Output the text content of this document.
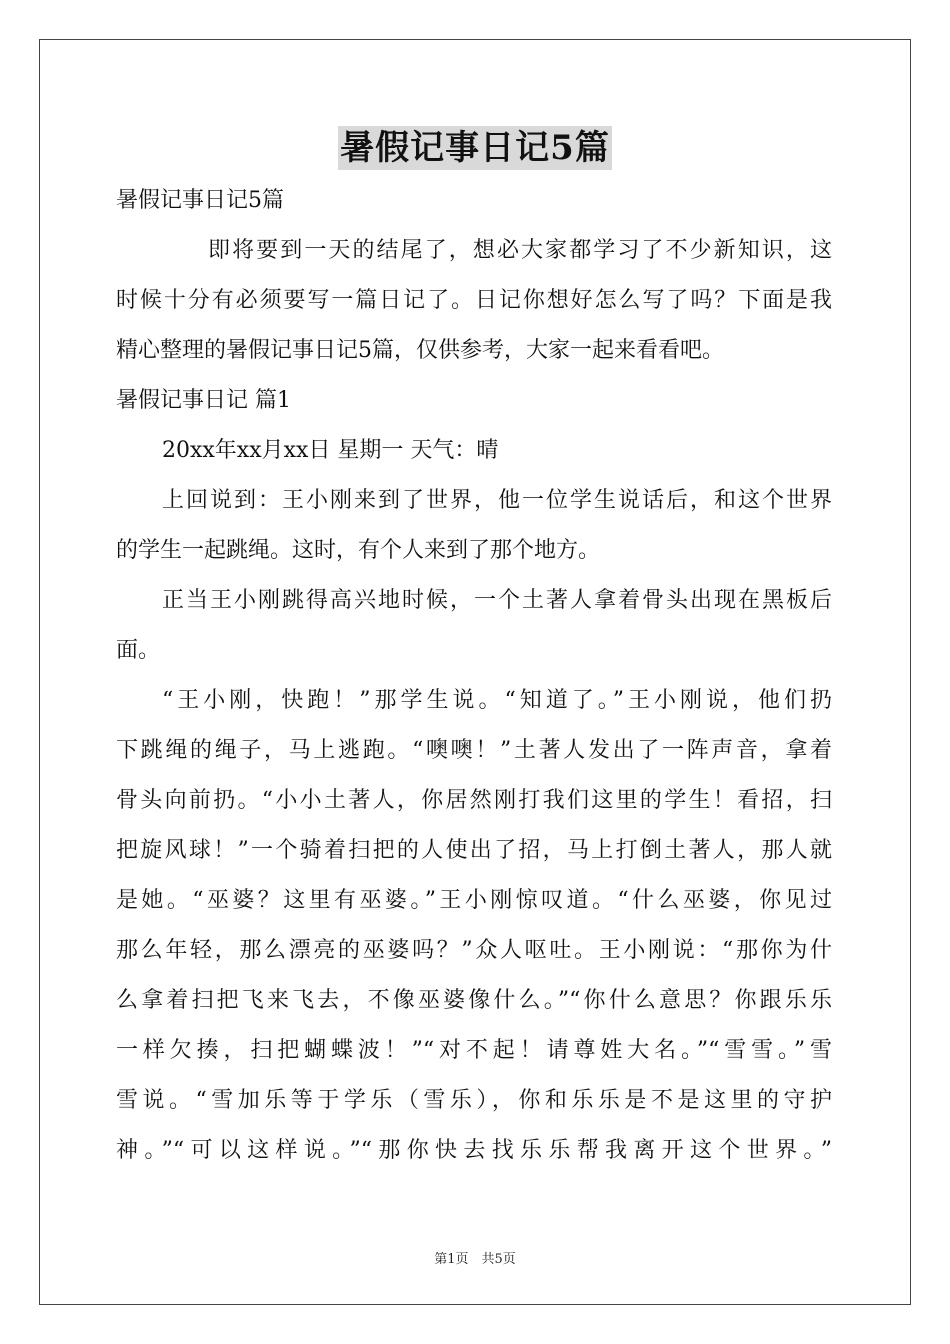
暑假记事日记5篇
暑假记事日记5篇
即将要到一天的结尾了，想必大家都学习了不少新知识，这
时候十分有必须要写一篇日记了。日记你想好怎么写了吗？下面是我
精心整理的暑假记事日记5篇，仅供参考，大家一起来看看吧。
暑假记事日记 篇1
20xx年xx月xx日 星期一 天气：晴
上回说到：王小刚来到了世界，他一位学生说话后，和这个世界
的学生一起跳绳。这时，有个人来到了那个地方。
正当王小刚跳得高兴地时候，一个土著人拿着骨头出现在黑板后
面。
“王小刚，快跑！”那学生说。“知道了。”王小刚说，他们扔
下跳绳的绳子，马上逃跑。“噢噢！”土著人发出了一阵声音，拿着
骨头向前扔。“小小土著人，你居然刚打我们这里的学生！看招，扫
把旋风球！”一个骑着扫把的人使出了招，马上打倒土著人，那人就
是她。“巫婆？这里有巫婆。”王小刚惊叹道。“什么巫婆，你见过
那么年轻，那么漂亮的巫婆吗？”众人呕吐。王小刚说：“那你为什
么拿着扫把飞来飞去，不像巫婆像什么。”“你什么意思？你跟乐乐
一样欠揍，扫把蝴蝶波！”“对不起！请尊姓大名。”“雪雪。”雪
雪说。“雪加乐等于学乐（雪乐），你和乐乐是不是这里的守护
神。”“可以这样说。”“那你快去找乐乐帮我离开这个世界。”
第1页　共5页
